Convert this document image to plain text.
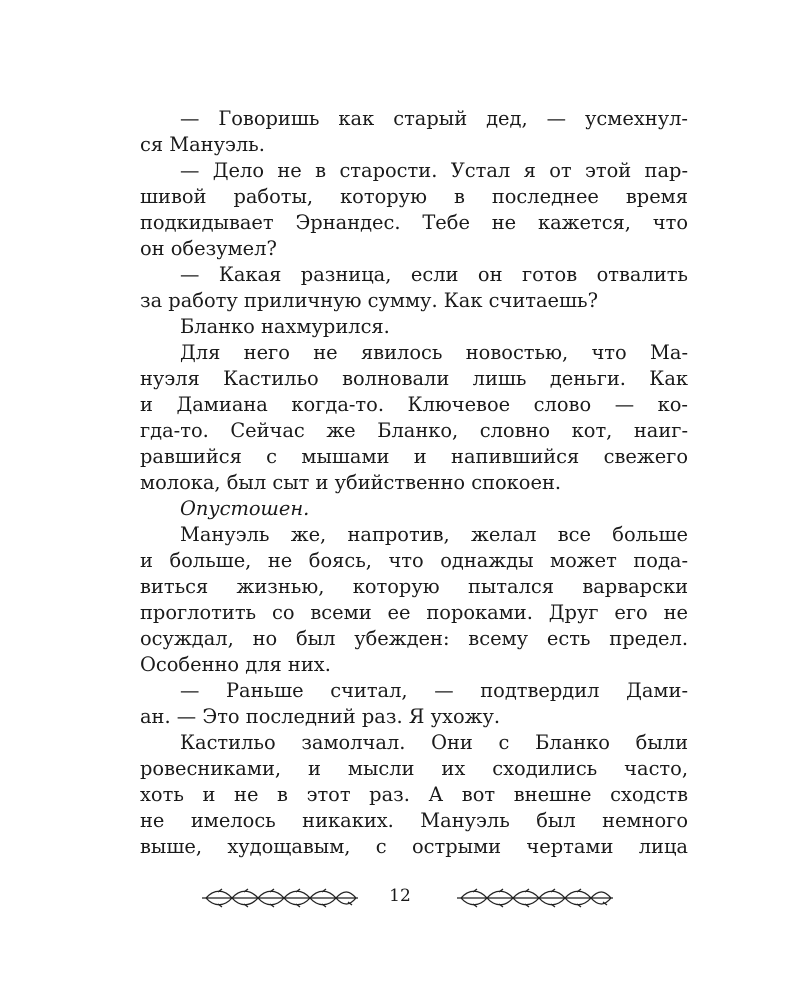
— Говоришь как старый дед, — усмехнул-
ся Мануэль.
— Дело не в старости. Устал я от этой пар-
шивой работы, которую в последнее время
подкидывает Эрнандес. Тебе не кажется, что
он обезумел?
— Какая разница, если он готов отвалить
за работу приличную сумму. Как считаешь?
Бланко нахмурился.
Для него не явилось новостью, что Ма-
нуэля Кастильо волновали лишь деньги. Как
и Дамиана когда-то. Ключевое слово — ко-
гда-то. Сейчас же Бланко, словно кот, наиг-
равшийся с мышами и напившийся свежего
молока, был сыт и убийственно спокоен.
Опустошен.
Мануэль же, напротив, желал все больше
и больше, не боясь, что однажды может пода-
виться жизнью, которую пытался варварски
проглотить со всеми ее пороками. Друг его не
осуждал, но был убежден: всему есть предел.
Особенно для них.
— Раньше считал, — подтвердил Дами-
ан. — Это последний раз. Я ухожу.
Кастильо замолчал. Они с Бланко были
ровесниками, и мысли их сходились часто,
хоть и не в этот раз. А вот внешне сходств
не имелось никаких. Мануэль был немного
выше, худощавым, с острыми чертами лица
12
